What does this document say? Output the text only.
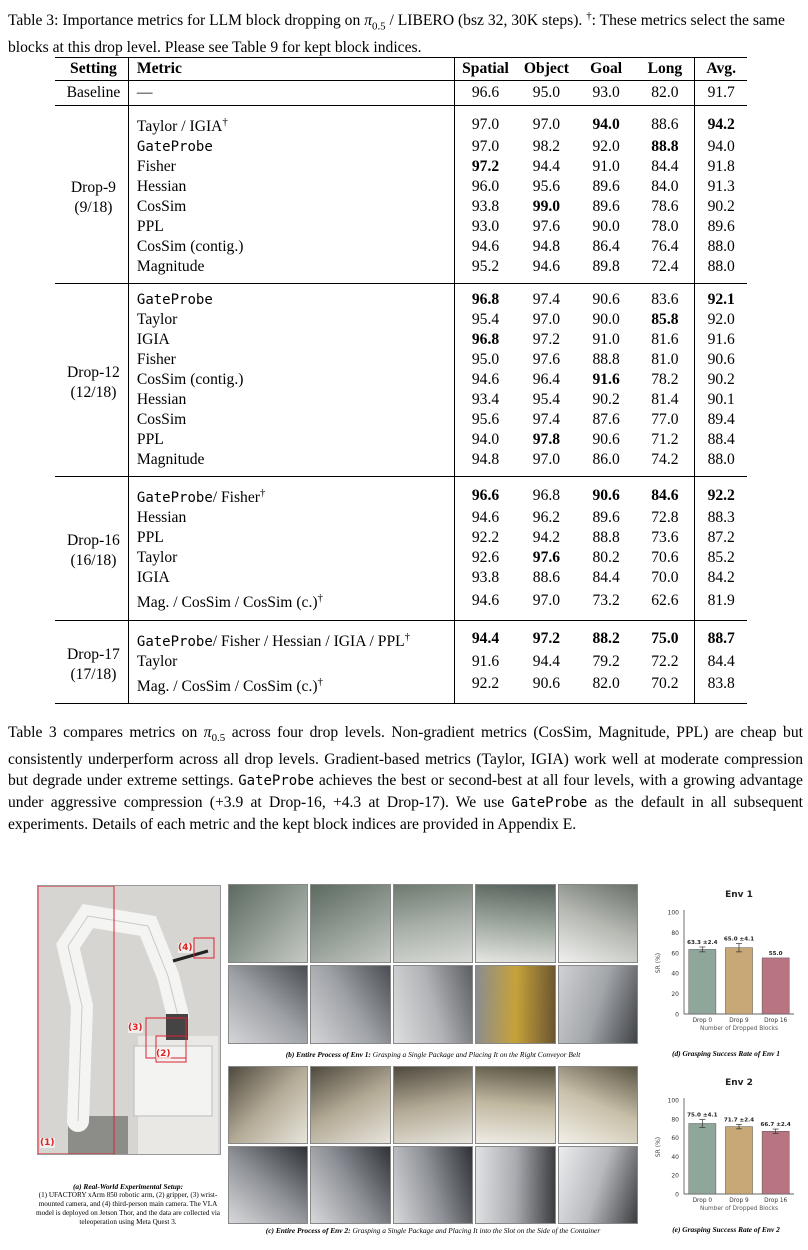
Table 3: Importance metrics for LLM block dropping on $\pi_{0.5}$ / LIBERO (bsz 32, 30K steps). †: These metrics select the same blocks at this drop level. Please see Table 9 for kept block indices.
Setting	Metric	Spatial	Object	Goal	Long	Avg.
Baseline	—	96.6	95.0	93.0	82.0	91.7

Drop-9
(9/18)	Taylor / IGIA†	97.0	97.0	94.0	88.6	94.2
	GateProbe	97.0	98.2	92.0	88.8	94.0
	Fisher	97.2	94.4	91.0	84.4	91.8
	Hessian	96.0	95.6	89.6	84.0	91.3
	CosSim	93.8	99.0	89.6	78.6	90.2
	PPL	93.0	97.6	90.0	78.0	89.6
	CosSim (contig.)	94.6	94.8	86.4	76.4	88.0
	Magnitude	95.2	94.6	89.8	72.4	88.0

Drop-12
(12/18)	GateProbe	96.8	97.4	90.6	83.6	92.1
	Taylor	95.4	97.0	90.0	85.8	92.0
	IGIA	96.8	97.2	91.0	81.6	91.6
	Fisher	95.0	97.6	88.8	81.0	90.6
	CosSim (contig.)	94.6	96.4	91.6	78.2	90.2
	Hessian	93.4	95.4	90.2	81.4	90.1
	CosSim	95.6	97.4	87.6	77.0	89.4
	PPL	94.0	97.8	90.6	71.2	88.4
	Magnitude	94.8	97.0	86.0	74.2	88.0

Drop-16
(16/18)	GateProbe/ Fisher†	96.6	96.8	90.6	84.6	92.2
	Hessian	94.6	96.2	89.6	72.8	88.3
	PPL	92.2	94.2	88.8	73.6	87.2
	Taylor	92.6	97.6	80.2	70.6	85.2
	IGIA	93.8	88.6	84.4	70.0	84.2
	Mag. / CosSim / CosSim (c.)†	94.6	97.0	73.2	62.6	81.9

Drop-17
(17/18)	GateProbe/ Fisher / Hessian / IGIA / PPL†	94.4	97.2	88.2	75.0	88.7
	Taylor	91.6	94.4	79.2	72.2	84.4
	Mag. / CosSim / CosSim (c.)†	92.2	90.6	82.0	70.2	83.8
Table 3 compares metrics on $\pi_{0.5}$ across four drop levels. Non-gradient metrics (CosSim, Magnitude, PPL) are cheap but consistently underperform across all drop levels. Gradient-based metrics (Taylor, IGIA) work well at moderate compression but degrade under extreme settings. GateProbe achieves the best or second-best at all four levels, with a growing advantage under aggressive compression (+3.9 at Drop-16, +4.3 at Drop-17). We use GateProbe as the default in all subsequent experiments. Details of each metric and the kept block indices are provided in Appendix E.
(1)
(2)
(3)
(4)
(a) Real-World Experimental Setup:
(1) UFACTORY xArm 850 robotic arm, (2) gripper, (3) wrist-mounted camera, and (4) third-person main camera. The VLA model is deployed on Jetson Thor, and the data are collected via teleoperation using Meta Quest 3.
(b) Entire Process of Env 1: Grasping a Single Package and Placing It on the Right Conveyor Belt
(c) Entire Process of Env 2: Grasping a Single Package and Placing It into the Slot on the Side of the Container
Env 1
0
20
40
60
80
100
SR (%)
63.3 ±2.4
Drop 0
65.0 ±4.1
Drop 9
55.0
Drop 16
Number of Dropped Blocks
(d) Grasping Success Rate of Env 1
Env 2
0
20
40
60
80
100
SR (%)
75.0 ±4.1
Drop 0
71.7 ±2.4
Drop 9
66.7 ±2.4
Drop 16
Number of Dropped Blocks
(e) Grasping Success Rate of Env 2
